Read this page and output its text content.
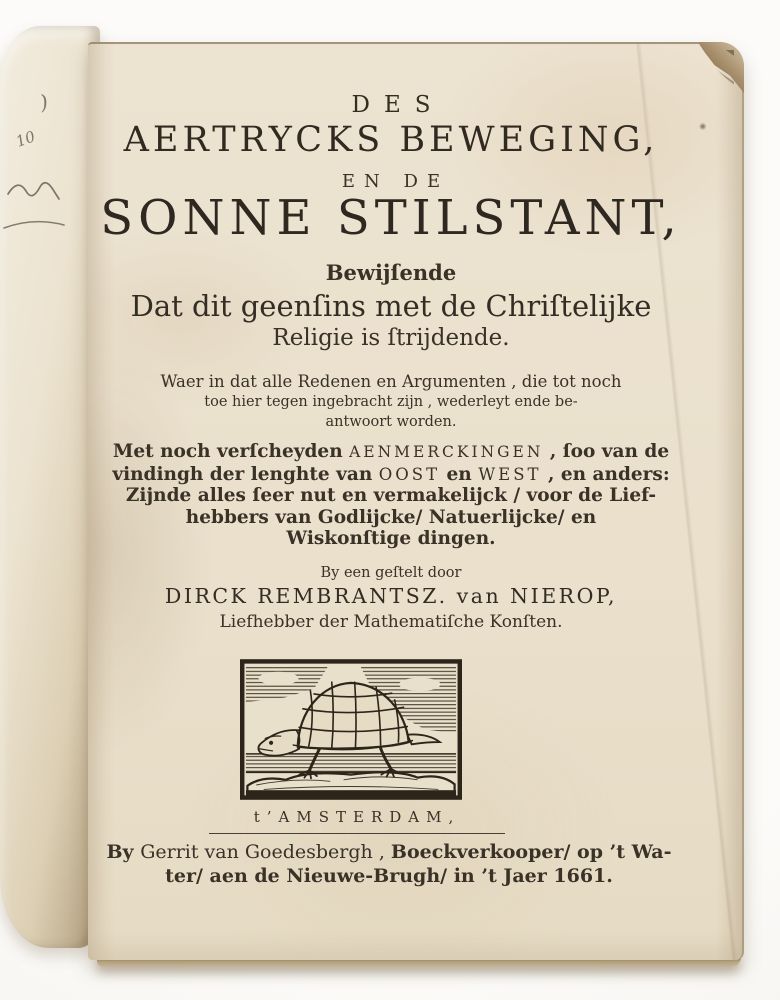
)
10
DES
AERTRYCKS BEWEGING,
EN DE
SONNE STILSTANT,
Bewijſende
Dat dit geenſins met de Chriſtelijke
Religie is ſtrijdende.
Waer in dat alle Redenen en Argumenten , die tot noch
toe hier tegen ingebracht zijn , wederleyt ende be-
antwoort worden.
Met noch verſcheyden AENMERCKINGEN , ſoo van de
vindingh der lenghte van OOST en WEST , en anders:
Zijnde alles ſeer nut en vermakelijck / voor de Lief-
hebbers van Godlijcke/ Natuerlijcke/ en
Wiskonſtige dingen.
By een geſtelt door
DIRCK REMBRANTSZ. van NIEROP,
Liefhebber der Mathematiſche Konſten.
t’AMSTERDAM,
By Gerrit van Goedesbergh , Boeckverkooper/ op ’t Wa-
ter/ aen de Nieuwe-Brugh/ in ’t Jaer 1661.
